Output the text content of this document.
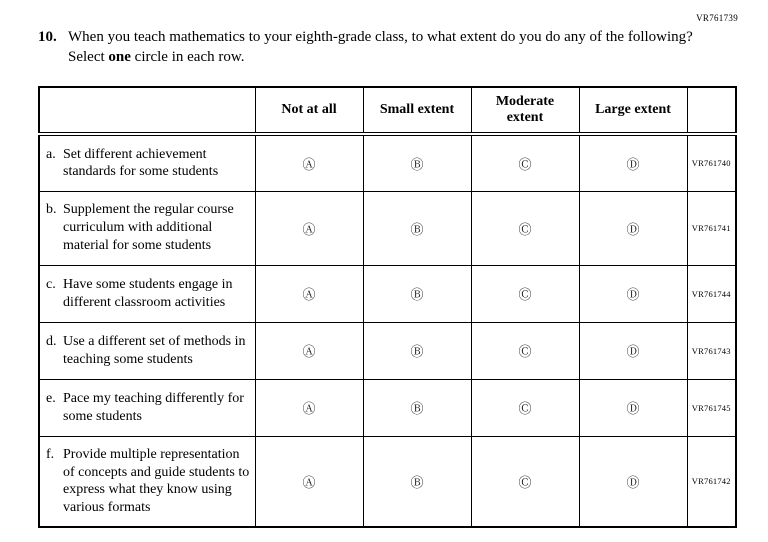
VR761739
10. When you teach mathematics to your eighth-grade class, to what extent do you do any of the following? Select one circle in each row.
	Not at all	Small extent	Moderate extent	Large extent	

a. Set different achievement standards for some students	Ⓐ	Ⓑ	Ⓒ	Ⓓ	VR761740

b. Supplement the regular course curriculum with additional material for some students	Ⓐ	Ⓑ	Ⓒ	Ⓓ	VR761741

c. Have some students engage in different classroom activities	Ⓐ	Ⓑ	Ⓒ	Ⓓ	VR761744

d. Use a different set of methods in teaching some students	Ⓐ	Ⓑ	Ⓒ	Ⓓ	VR761743

e. Pace my teaching differently for some students	Ⓐ	Ⓑ	Ⓒ	Ⓓ	VR761745

f. Provide multiple representation of concepts and guide students to express what they know using various formats	Ⓐ	Ⓑ	Ⓒ	Ⓓ	VR761742
